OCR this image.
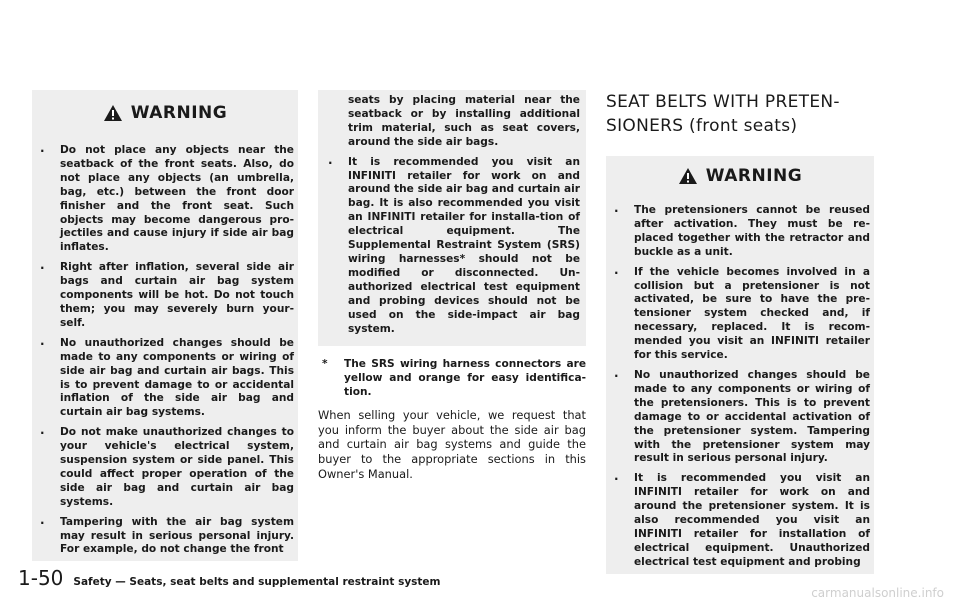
WARNING
. Do not place any objects near the seatback of the front seats. Also, do not place any objects (an umbrella, bag, etc.) between the front door finisher and the front seat. Such objects may become dangerous pro-jectiles and cause injury if side air bag inflates.
. Right after inflation, several side air bags and curtain air bag system components will be hot. Do not touch them; you may severely burn your-self.
. No unauthorized changes should be made to any components or wiring of side air bag and curtain air bags. This is to prevent damage to or accidental inflation of the side air bag and curtain air bag systems.
. Do not make unauthorized changes to your vehicle's electrical system, suspension system or side panel. This could affect proper operation of the side air bag and curtain air bag systems.
. Tampering with the air bag system may result in serious personal injury. For example, do not change the front
seats by placing material near the seatback or by installing additional trim material, such as seat covers, around the side air bags.
. It is recommended you visit an INFINITI retailer for work on and around the side air bag and curtain air bag. It is also recommended you visit an INFINITI retailer for installa-tion of electrical equipment. The Supplemental Restraint System (SRS) wiring harnesses* should not be modified or disconnected. Un-authorized electrical test equipment and probing devices should not be used on the side-impact air bag system.
* The SRS wiring harness connectors are yellow and orange for easy identifica-tion.
When selling your vehicle, we request that you inform the buyer about the side air bag and curtain air bag systems and guide the buyer to the appropriate sections in this Owner's Manual.
SEAT BELTS WITH PRETEN-
SIONERS (front seats)
WARNING
. The pretensioners cannot be reused after activation. They must be re-placed together with the retractor and buckle as a unit.
. If the vehicle becomes involved in a collision but a pretensioner is not activated, be sure to have the pre-tensioner system checked and, if necessary, replaced. It is recom-mended you visit an INFINITI retailer for this service.
. No unauthorized changes should be made to any components or wiring of the pretensioners. This is to prevent damage to or accidental activation of the pretensioner system. Tampering with the pretensioner system may result in serious personal injury.
. It is recommended you visit an INFINITI retailer for work on and around the pretensioner system. It is also recommended you visit an INFINITI retailer for installation of electrical equipment. Unauthorized electrical test equipment and probing
1-50 Safety — Seats, seat belts and supplemental restraint system
carmanualsonline.info
